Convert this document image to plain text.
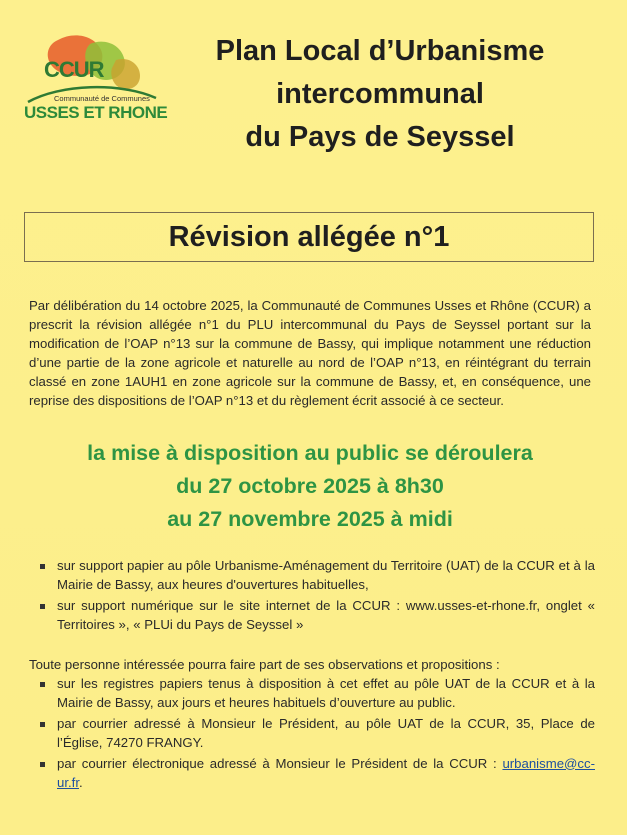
CCUR
Communauté de Communes
USSES ET RHONE
Plan Local d’Urbanisme
intercommunal
du Pays de Seyssel
Révision allégée n°1
Par délibération du 14 octobre 2025, la Communauté de Communes Usses et Rhône (CCUR) a prescrit la révision allégée n°1 du PLU intercommunal du Pays de Seyssel portant sur la modification de l’OAP n°13 sur la commune de Bassy, qui implique notamment une réduction d’une partie de la zone agricole et naturelle au nord de l’OAP n°13, en réintégrant du terrain classé en zone 1AUH1 en zone agricole sur la commune de Bassy, et, en conséquence, une reprise des dispositions de l’OAP n°13 et du règlement écrit associé à ce secteur.
la mise à disposition au public se déroulera
du 27 octobre 2025 à 8h30
au 27 novembre 2025 à midi
sur support papier au pôle Urbanisme-Aménagement du Territoire (UAT) de la CCUR et à la Mairie de Bassy, aux heures d'ouvertures habituelles,
sur support numérique sur le site internet de la CCUR : www.usses-et-rhone.fr, onglet « Territoires », « PLUi du Pays de Seyssel »
Toute personne intéressée pourra faire part de ses observations et propositions :
sur les registres papiers tenus à disposition à cet effet au pôle UAT de la CCUR et à la Mairie de Bassy, aux jours et heures habituels d’ouverture au public.
par courrier adressé à Monsieur le Président, au pôle UAT de la CCUR, 35, Place de l’Église, 74270 FRANGY.
par courrier électronique adressé à Monsieur le Président de la CCUR : urbanisme@cc-ur.fr.
